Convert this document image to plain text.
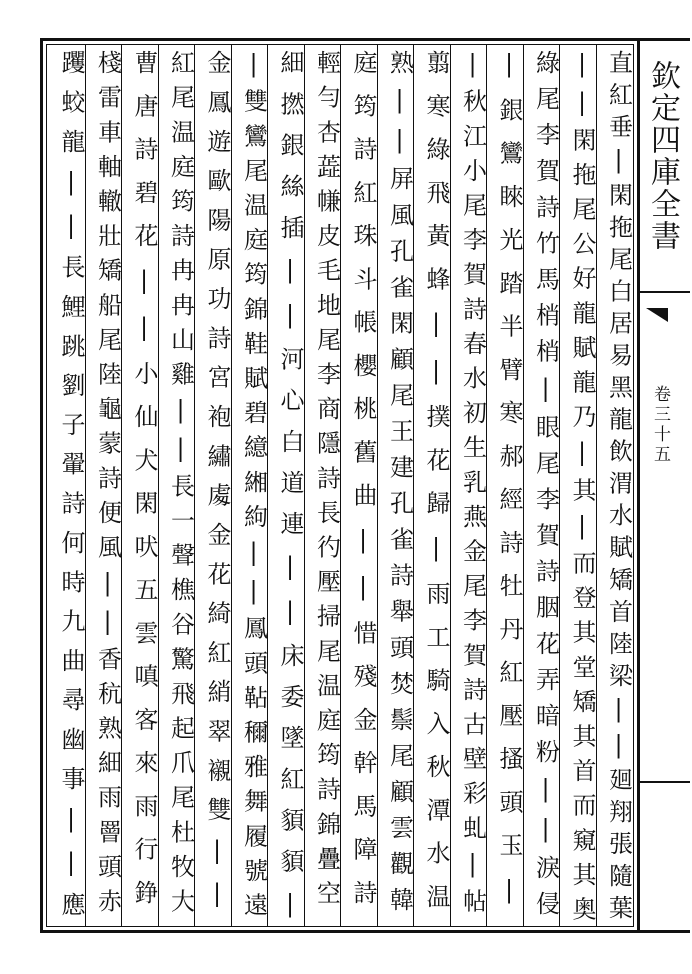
欽定四庫全書
卷三十五
直紅垂|閑拖尾白居易黑龍飲渭水賦矯首陸梁||廻翔張隨葉
||閑拖尾公好龍賦龍乃|其|而登其堂矯其首而窺其奥
綠尾李賀詩竹馬梢梢|眼尾李賀詩胭花弄暗粉||淚侵
|銀鸞睞光踏半臂寒郝經詩牡丹紅壓搔頭玉|
|秋江小尾李賀詩春水初生乳燕金尾李賀詩古壁彩虬|帖
翦寒綠飛黃蜂||撲花歸|雨工騎入秋潭水温
熟||屏風孔雀閑顧尾王建孔雀詩舉頭焚鬃尾顧雲觀韓
庭筠詩紅珠斗帳櫻桃舊曲||惜殘金幹馬障詩
輕勻杏蕋㡘皮毛地尾李商隱詩長彴壓掃尾温庭筠詩錦疊空
細撚銀絲插||河心白道連||床委墜紅䫉䫉|
|雙鸞尾温庭筠錦鞋賦碧繶緗絇||鳳頭䩞穪雅舞履號遠
金鳳遊歐陽原功詩宮袍繡䖏金花綺紅綃翠襯雙||
紅尾温庭筠詩冉冉山雞||長一聲樵谷驚飛起爪尾杜牧大
曹唐詩碧花||小仙犬閑吠五雲嗔客來雨行錚
棧雷車軸轍壯矯船尾陸龜蒙詩便風||香秔熟細雨罾頭赤
躩蛟龍||長鯉跳劉子翬詩何時九曲尋幽事||應
